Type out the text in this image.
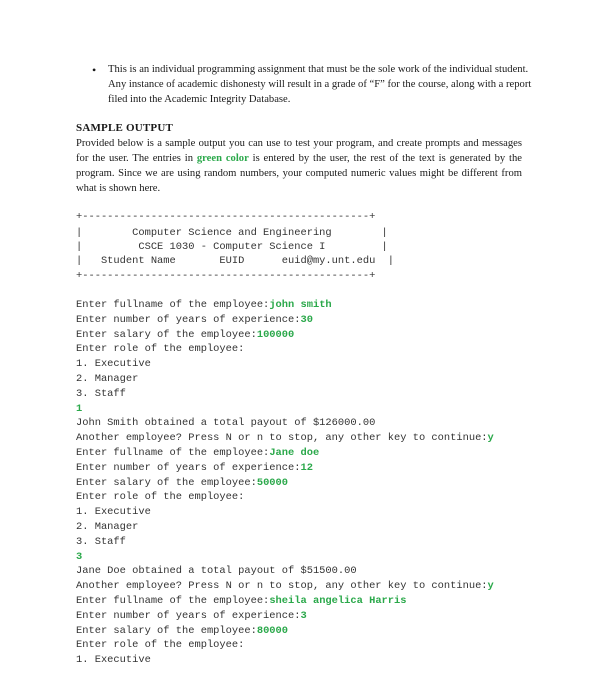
•	This is an individual programming assignment that must be the sole work of the individual student. Any instance of academic dishonesty will result in a grade of “F” for the course, along with a report filed into the Academic Integrity Database.
SAMPLE OUTPUT
Provided below is a sample output you can use to test your program, and create prompts and messages for the user. The entries in green color is entered by the user, the rest of the text is generated by the program. Since we are using random numbers, your computed numeric values might be different from what is shown here.
+----------------------------------------------+
|        Computer Science and Engineering        |
|         CSCE 1030 - Computer Science I         |
|   Student Name       EUID      euid@my.unt.edu  |
+----------------------------------------------+
Enter fullname of the employee:john smith
Enter number of years of experience:30
Enter salary of the employee:100000
Enter role of the employee:
1. Executive
2. Manager
3. Staff
1
John Smith obtained a total payout of $126000.00
Another employee? Press N or n to stop, any other key to continue:y
Enter fullname of the employee:Jane doe
Enter number of years of experience:12
Enter salary of the employee:50000
Enter role of the employee:
1. Executive
2. Manager
3. Staff
3
Jane Doe obtained a total payout of $51500.00
Another employee? Press N or n to stop, any other key to continue:y
Enter fullname of the employee:sheila angelica Harris
Enter number of years of experience:3
Enter salary of the employee:80000
Enter role of the employee:
1. Executive
